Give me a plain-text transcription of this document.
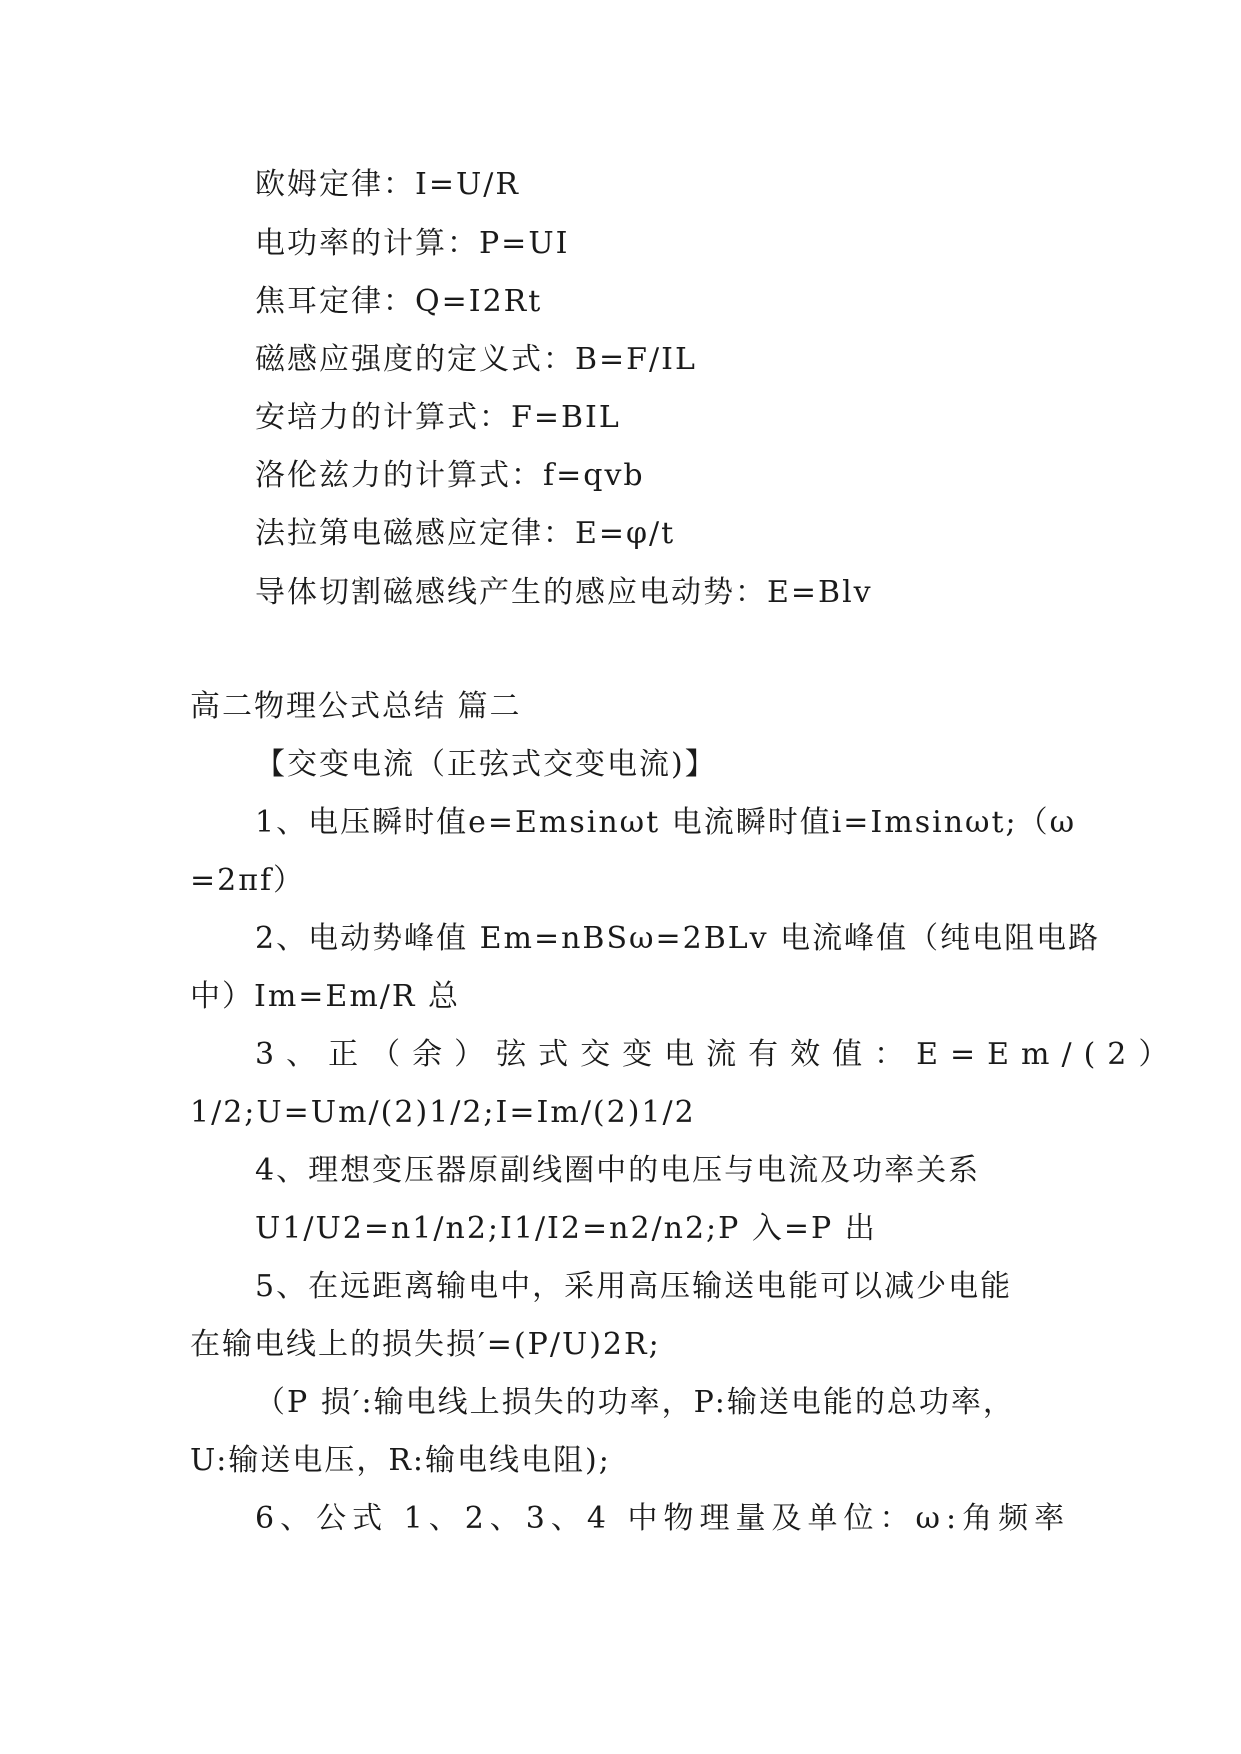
欧姆定律：I=U/R
电功率的计算：P=UI
焦耳定律：Q=I2Rt
磁感应强度的定义式：B=F/IL
安培力的计算式：F=BIL
洛伦兹力的计算式：f=qvb
法拉第电磁感应定律：E=φ/t
导体切割磁感线产生的感应电动势：E=Blv
高二物理公式总结 篇二
【交变电流（正弦式交变电流)】
1、电压瞬时值e=Emsinωt 电流瞬时值i=Imsinωt;（ω
=2πf）
2、电动势峰值 Em=nBSω=2BLv 电流峰值（纯电阻电路
中）Im=Em/R 总
3、正（余）弦式交变电流有效值：E=Em/(2）
1/2;U=Um/(2)1/2;I=Im/(2)1/2
4、理想变压器原副线圈中的电压与电流及功率关系
U1/U2=n1/n2;I1/I2=n2/n2;P 入=P 出
5、在远距离输电中，采用高压输送电能可以减少电能
在输电线上的损失损′=(P/U)2R;
（P 损′:输电线上损失的功率，P:输送电能的总功率，
U:输送电压，R:输电线电阻);
6、公式 1、2、3、4 中物理量及单位：ω:角频率
